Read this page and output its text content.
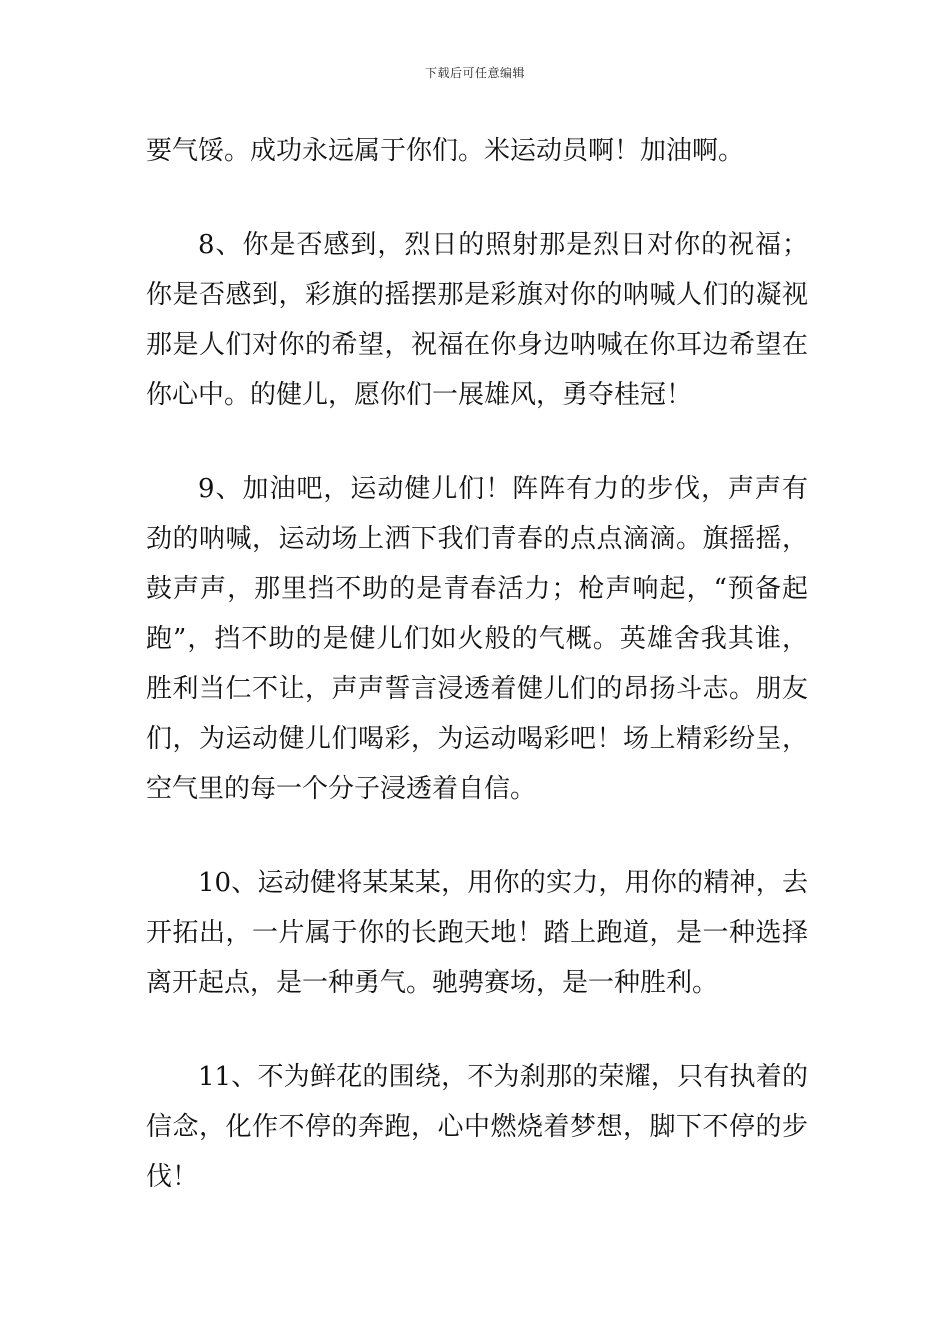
下载后可任意编辑

要气馁。成功永远属于你们。米运动员啊！加油啊。

8、你是否感到，烈日的照射那是烈日对你的祝福；你是否感到，彩旗的摇摆那是彩旗对你的呐喊人们的凝视那是人们对你的希望，祝福在你身边呐喊在你耳边希望在你心中。的健儿，愿你们一展雄风，勇夺桂冠！

9、加油吧，运动健儿们！阵阵有力的步伐，声声有劲的呐喊，运动场上洒下我们青春的点点滴滴。旗摇摇，鼓声声，那里挡不助的是青春活力；枪声响起，“预备起跑”，挡不助的是健儿们如火般的气概。英雄舍我其谁，胜利当仁不让，声声誓言浸透着健儿们的昂扬斗志。朋友们，为运动健儿们喝彩，为运动喝彩吧！场上精彩纷呈，空气里的每一个分子浸透着自信。

10、运动健将某某某，用你的实力，用你的精神，去开拓出，一片属于你的长跑天地！踏上跑道，是一种选择离开起点，是一种勇气。驰骋赛场，是一种胜利。

11、不为鲜花的围绕，不为刹那的荣耀，只有执着的信念，化作不停的奔跑，心中燃烧着梦想，脚下不停的步伐！
